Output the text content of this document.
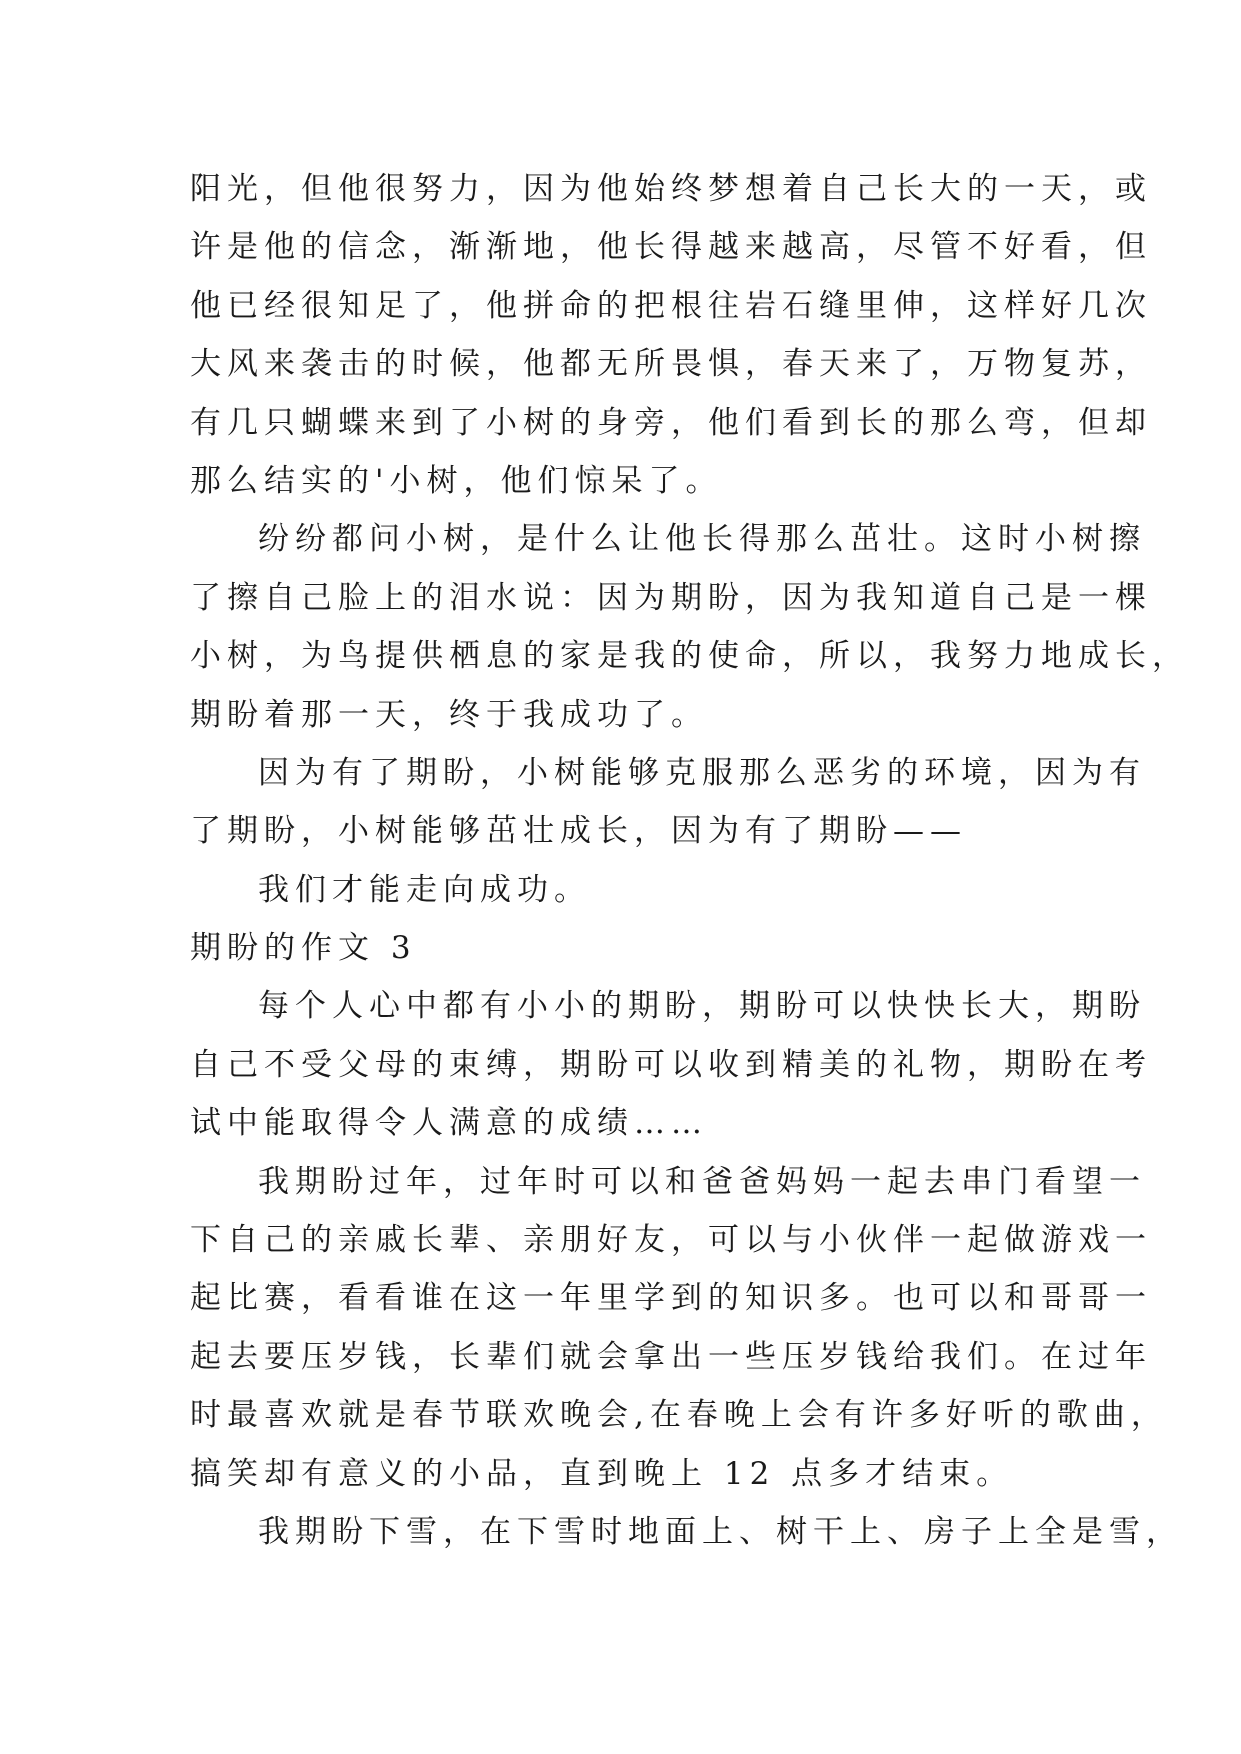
阳光，但他很努力，因为他始终梦想着自己长大的一天，或
许是他的信念，渐渐地，他长得越来越高，尽管不好看，但
他已经很知足了，他拼命的把根往岩石缝里伸，这样好几次
大风来袭击的时候，他都无所畏惧，春天来了，万物复苏，
有几只蝴蝶来到了小树的身旁，他们看到长的那么弯，但却
那么结实的'小树，他们惊呆了。
纷纷都问小树，是什么让他长得那么茁壮。这时小树擦
了擦自己脸上的泪水说：因为期盼，因为我知道自己是一棵
小树，为鸟提供栖息的家是我的使命，所以，我努力地成长，
期盼着那一天，终于我成功了。
因为有了期盼，小树能够克服那么恶劣的环境，因为有
了期盼，小树能够茁壮成长，因为有了期盼——
我们才能走向成功。
期盼的作文 3
每个人心中都有小小的期盼，期盼可以快快长大，期盼
自己不受父母的束缚，期盼可以收到精美的礼物，期盼在考
试中能取得令人满意的成绩……
我期盼过年，过年时可以和爸爸妈妈一起去串门看望一
下自己的亲戚长辈、亲朋好友，可以与小伙伴一起做游戏一
起比赛，看看谁在这一年里学到的知识多。也可以和哥哥一
起去要压岁钱，长辈们就会拿出一些压岁钱给我们。在过年
时最喜欢就是春节联欢晚会,在春晚上会有许多好听的歌曲，
搞笑却有意义的小品，直到晚上 12 点多才结束。
我期盼下雪，在下雪时地面上、树干上、房子上全是雪，
